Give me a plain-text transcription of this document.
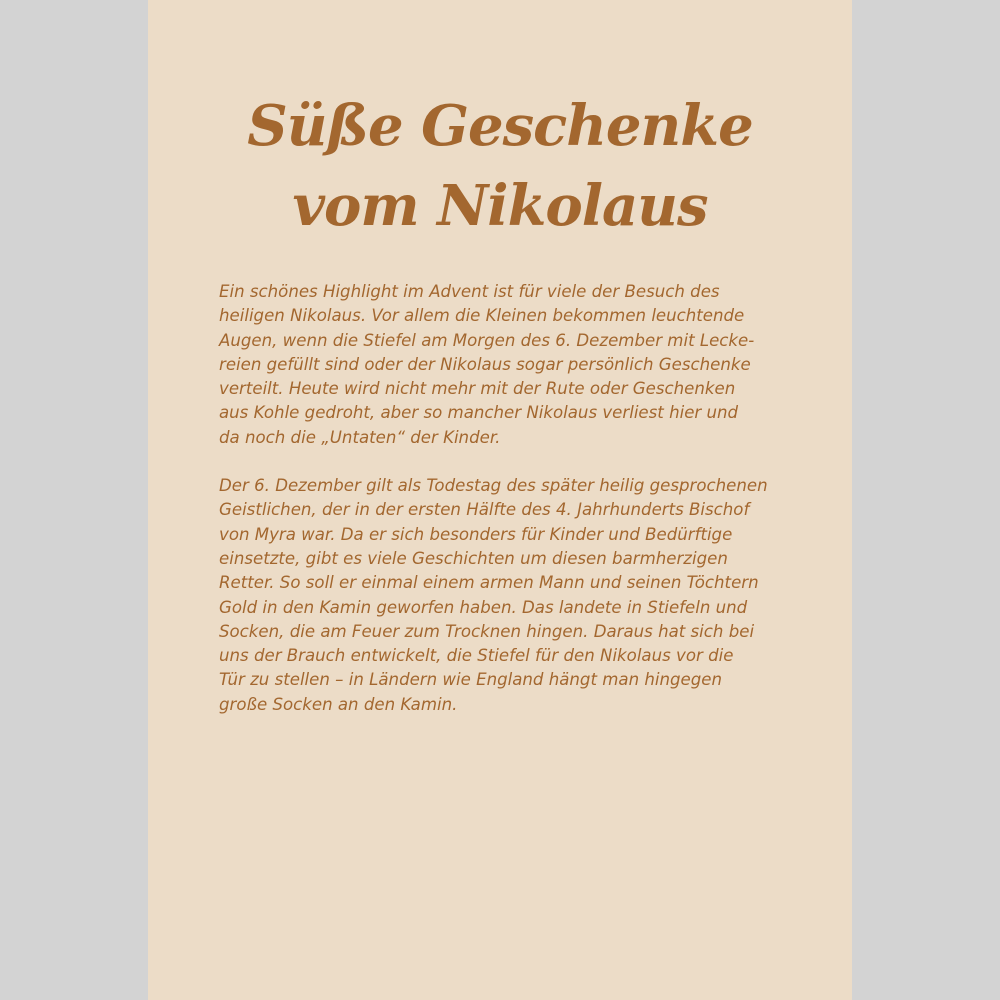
Süße Geschenke
vom Nikolaus

Ein schönes Highlight im Advent ist für viele der Besuch des

heiligen Nikolaus. Vor allem die Kleinen bekommen leuchtende

Augen, wenn die Stiefel am Morgen des 6. Dezember mit Lecke-

reien gefüllt sind oder der Nikolaus sogar persönlich Geschenke

verteilt. Heute wird nicht mehr mit der Rute oder Geschenken

aus Kohle gedroht, aber so mancher Nikolaus verliest hier und

da noch die „Untaten“ der Kinder.

Der 6. Dezember gilt als Todestag des später heilig gesprochenen

Geistlichen, der in der ersten Hälfte des 4. Jahrhunderts Bischof

von Myra war. Da er sich besonders für Kinder und Bedürftige

einsetzte, gibt es viele Geschichten um diesen barmherzigen

Retter. So soll er einmal einem armen Mann und seinen Töchtern

Gold in den Kamin geworfen haben. Das landete in Stiefeln und

Socken, die am Feuer zum Trocknen hingen. Daraus hat sich bei

uns der Brauch entwickelt, die Stiefel für den Nikolaus vor die

Tür zu stellen – in Ländern wie England hängt man hingegen

große Socken an den Kamin.
